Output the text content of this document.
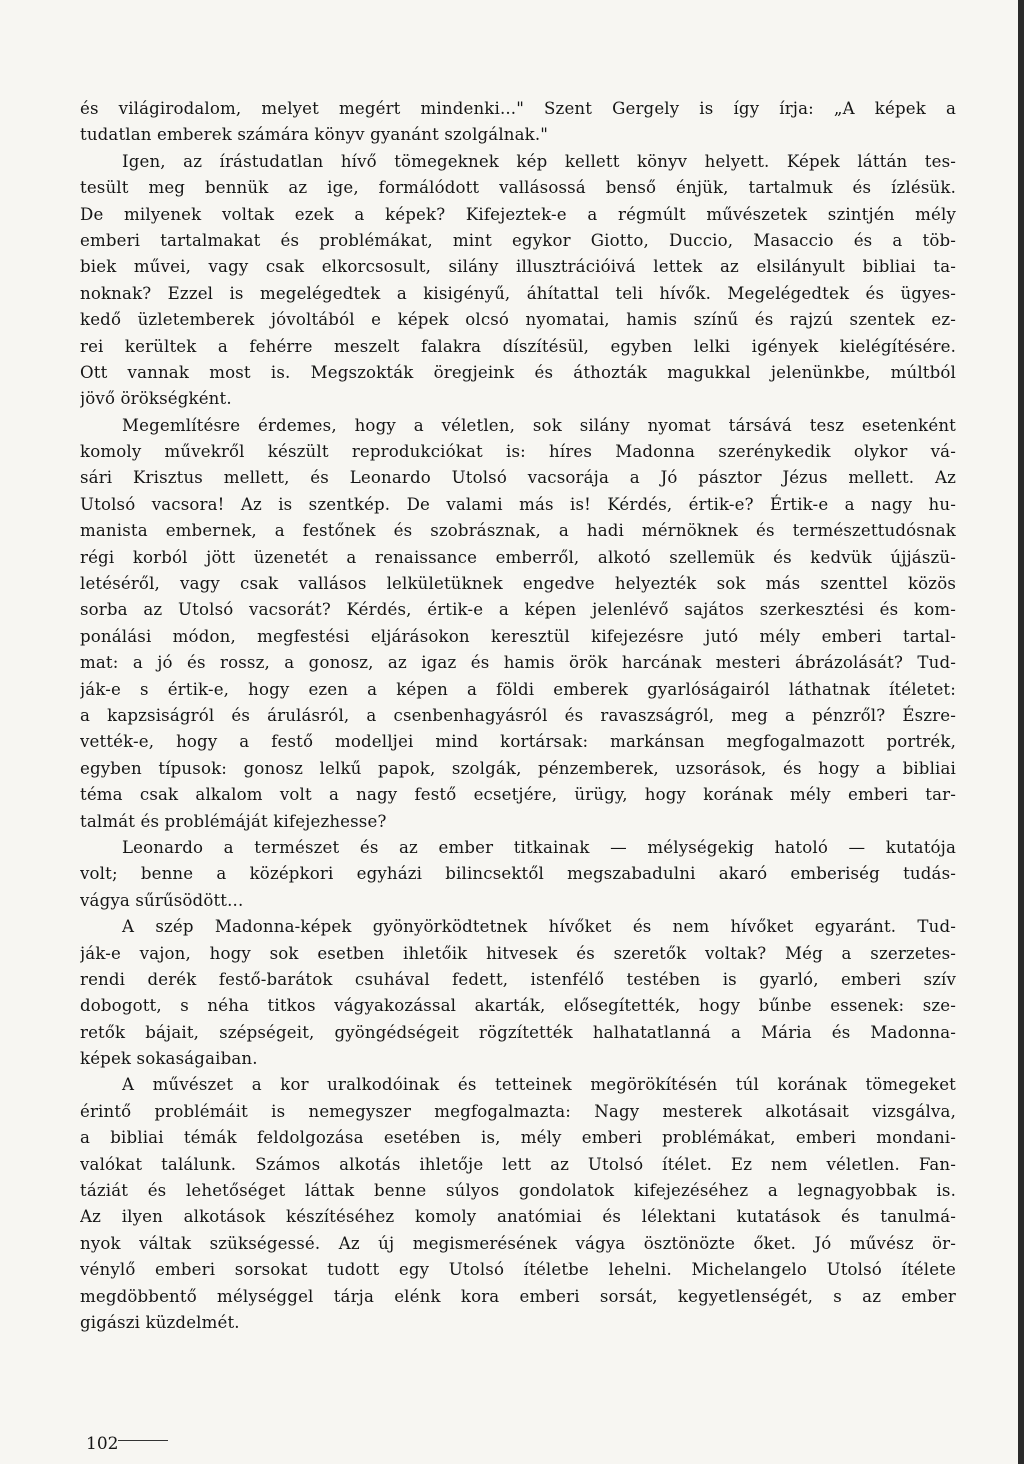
és világirodalom, melyet megért mindenki..." Szent Gergely is így írja: „A képek a
tudatlan emberek számára könyv gyanánt szolgálnak."
Igen, az írástudatlan hívő tömegeknek kép kellett könyv helyett. Képek láttán tes-
tesült meg bennük az ige, formálódott vallásossá benső énjük, tartalmuk és ízlésük.
De milyenek voltak ezek a képek? Kifejeztek-e a régmúlt művészetek szintjén mély
emberi tartalmakat és problémákat, mint egykor Giotto, Duccio, Masaccio és a töb-
biek művei, vagy csak elkorcsosult, silány illusztrációivá lettek az elsilányult bibliai ta-
noknak? Ezzel is megelégedtek a kisigényű, áhítattal teli hívők. Megelégedtek és ügyes-
kedő üzletemberek jóvoltából e képek olcsó nyomatai, hamis színű és rajzú szentek ez-
rei kerültek a fehérre meszelt falakra díszítésül, egyben lelki igények kielégítésére.
Ott vannak most is. Megszokták öregjeink és áthozták magukkal jelenünkbe, múltból
jövő örökségként.
Megemlítésre érdemes, hogy a véletlen, sok silány nyomat társává tesz esetenként
komoly művekről készült reprodukciókat is: híres Madonna szerénykedik olykor vá-
sári Krisztus mellett, és Leonardo Utolsó vacsorája a Jó pásztor Jézus mellett. Az
Utolsó vacsora! Az is szentkép. De valami más is! Kérdés, értik-e? Értik-e a nagy hu-
manista embernek, a festőnek és szobrásznak, a hadi mérnöknek és természettudósnak
régi korból jött üzenetét a renaissance emberről, alkotó szellemük és kedvük újjászü-
letéséről, vagy csak vallásos lelkületüknek engedve helyezték sok más szenttel közös
sorba az Utolsó vacsorát? Kérdés, értik-e a képen jelenlévő sajátos szerkesztési és kom-
ponálási módon, megfestési eljárásokon keresztül kifejezésre jutó mély emberi tartal-
mat: a jó és rossz, a gonosz, az igaz és hamis örök harcának mesteri ábrázolását? Tud-
ják-e s értik-e, hogy ezen a képen a földi emberek gyarlóságairól láthatnak ítéletet:
a kapzsiságról és árulásról, a csenbenhagyásról és ravaszságról, meg a pénzről? Észre-
vették-e, hogy a festő modelljei mind kortársak: markánsan megfogalmazott portrék,
egyben típusok: gonosz lelkű papok, szolgák, pénzemberek, uzsorások, és hogy a bibliai
téma csak alkalom volt a nagy festő ecsetjére, ürügy, hogy korának mély emberi tar-
talmát és problémáját kifejezhesse?
Leonardo a természet és az ember titkainak — mélységekig hatoló — kutatója
volt; benne a középkori egyházi bilincsektől megszabadulni akaró emberiség tudás-
vágya sűrűsödött...
A szép Madonna-képek gyönyörködtetnek hívőket és nem hívőket egyaránt. Tud-
ják-e vajon, hogy sok esetben ihletőik hitvesek és szeretők voltak? Még a szerzetes-
rendi derék festő-barátok csuhával fedett, istenfélő testében is gyarló, emberi szív
dobogott, s néha titkos vágyakozással akarták, elősegítették, hogy bűnbe essenek: sze-
retők bájait, szépségeit, gyöngédségeit rögzítették halhatatlanná a Mária és Madonna-
képek sokaságaiban.
A művészet a kor uralkodóinak és tetteinek megörökítésén túl korának tömegeket
érintő problémáit is nemegyszer megfogalmazta: Nagy mesterek alkotásait vizsgálva,
a bibliai témák feldolgozása esetében is, mély emberi problémákat, emberi mondani-
valókat találunk. Számos alkotás ihletője lett az Utolsó ítélet. Ez nem véletlen. Fan-
táziát és lehetőséget láttak benne súlyos gondolatok kifejezéséhez a legnagyobbak is.
Az ilyen alkotások készítéséhez komoly anatómiai és lélektani kutatások és tanulmá-
nyok váltak szükségessé. Az új megismerésének vágya ösztönözte őket. Jó művész ör-
vénylő emberi sorsokat tudott egy Utolsó ítéletbe lehelni. Michelangelo Utolsó ítélete
megdöbbentő mélységgel tárja elénk kora emberi sorsát, kegyetlenségét, s az ember
gigászi küzdelmét.
102
